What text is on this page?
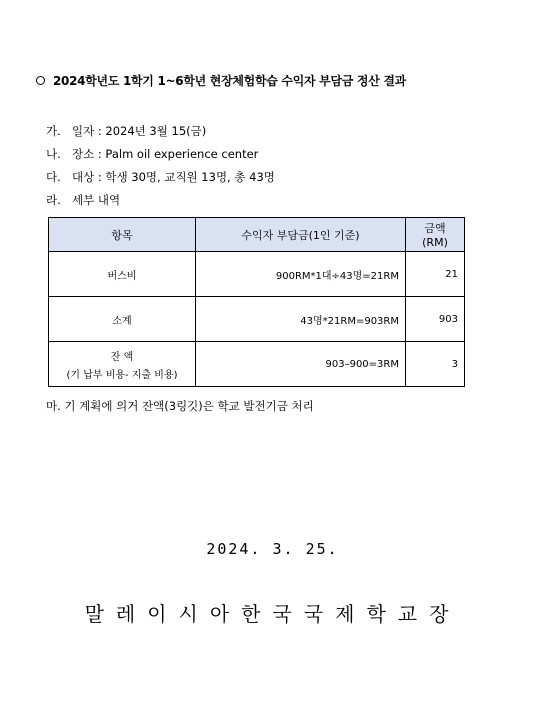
2024학년도 1학기 1~6학년 현장체험학습 수익자 부담금 정산 결과
가. 일자 : 2024년 3월 15(금)
나. 장소 : Palm oil experience center
다. 대상 : 학생 30명, 교직원 13명, 총 43명
라. 세부 내역
항목	수익자 부담금(1인 기준)	금액(RM)
버스비	900RM*1대÷43명=21RM	21
소계	43명*21RM=903RM	903
잔 액
(기 납부 비용- 지출 비용)	903–900=3RM	3
마. 기 계획에 의거 잔액(3링깃)은 학교 발전기금 처리
2024. 3. 25.
말레이시아한국국제학교장
